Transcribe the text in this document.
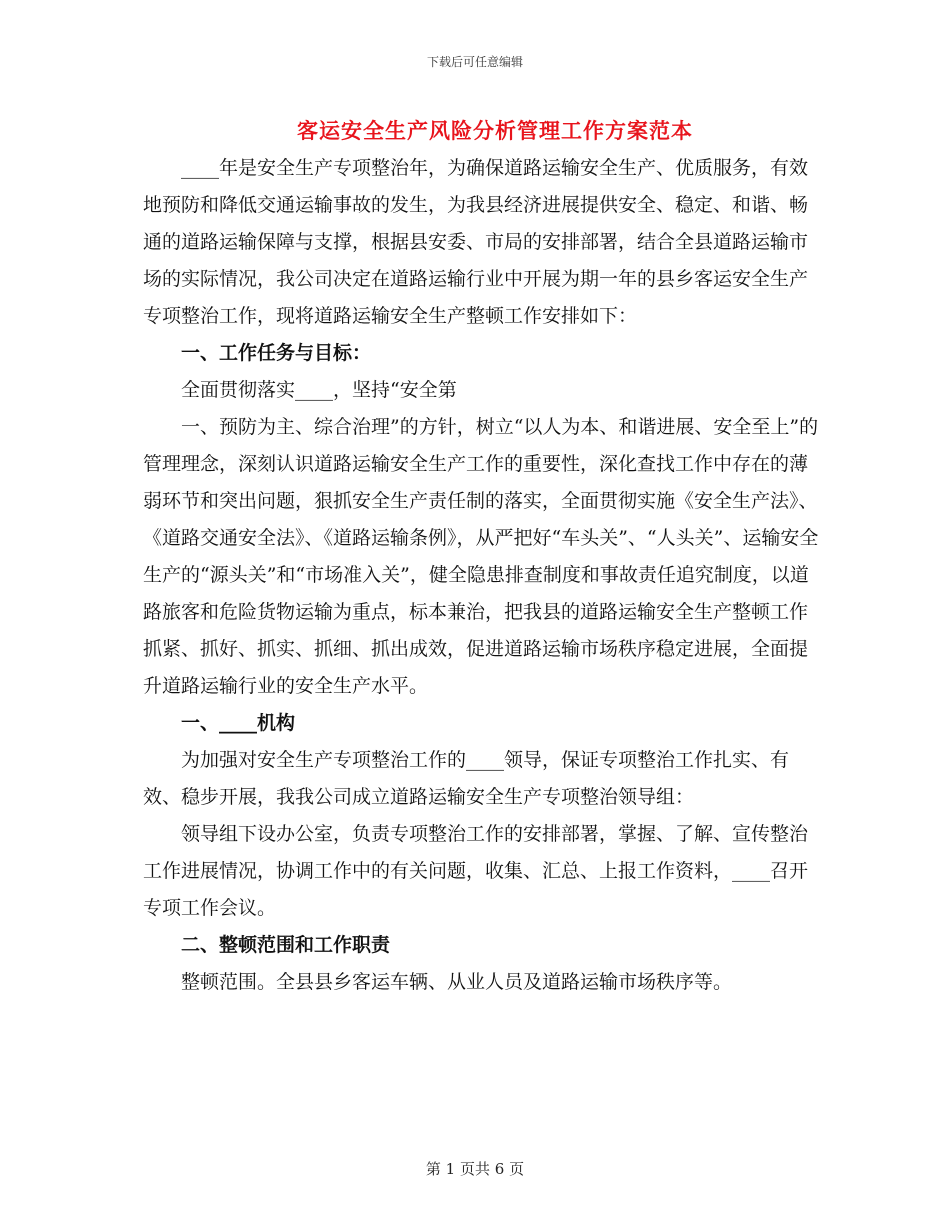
下载后可任意编辑
客运安全生产风险分析管理工作方案范本

____年是安全生产专项整治年，为确保道路运输安全生产、优质服务，有效地预防和降低交通运输事故的发生，为我县经济进展提供安全、稳定、和谐、畅通的道路运输保障与支撑，根据县安委、市局的安排部署，结合全县道路运输市场的实际情况，我公司决定在道路运输行业中开展为期一年的县乡客运安全生产专项整治工作，现将道路运输安全生产整顿工作安排如下：

一、工作任务与目标：

全面贯彻落实____，坚持“安全第

一、预防为主、综合治理”的方针，树立“以人为本、和谐进展、安全至上”的管理理念，深刻认识道路运输安全生产工作的重要性，深化查找工作中存在的薄弱环节和突出问题，狠抓安全生产责任制的落实，全面贯彻实施《安全生产法》、《道路交通安全法》、《道路运输条例》，从严把好“车头关”、“人头关”、运输安全生产的“源头关”和“市场准入关”，健全隐患排查制度和事故责任追究制度，以道路旅客和危险货物运输为重点，标本兼治，把我县的道路运输安全生产整顿工作抓紧、抓好、抓实、抓细、抓出成效，促进道路运输市场秩序稳定进展，全面提升道路运输行业的安全生产水平。

一、____机构

为加强对安全生产专项整治工作的____领导，保证专项整治工作扎实、有效、稳步开展，我我公司成立道路运输安全生产专项整治领导组：

领导组下设办公室，负责专项整治工作的安排部署，掌握、了解、宣传整治工作进展情况，协调工作中的有关问题，收集、汇总、上报工作资料，____召开专项工作会议。

二、整顿范围和工作职责

整顿范围。全县县乡客运车辆、从业人员及道路运输市场秩序等。

第 1 页共 6 页
